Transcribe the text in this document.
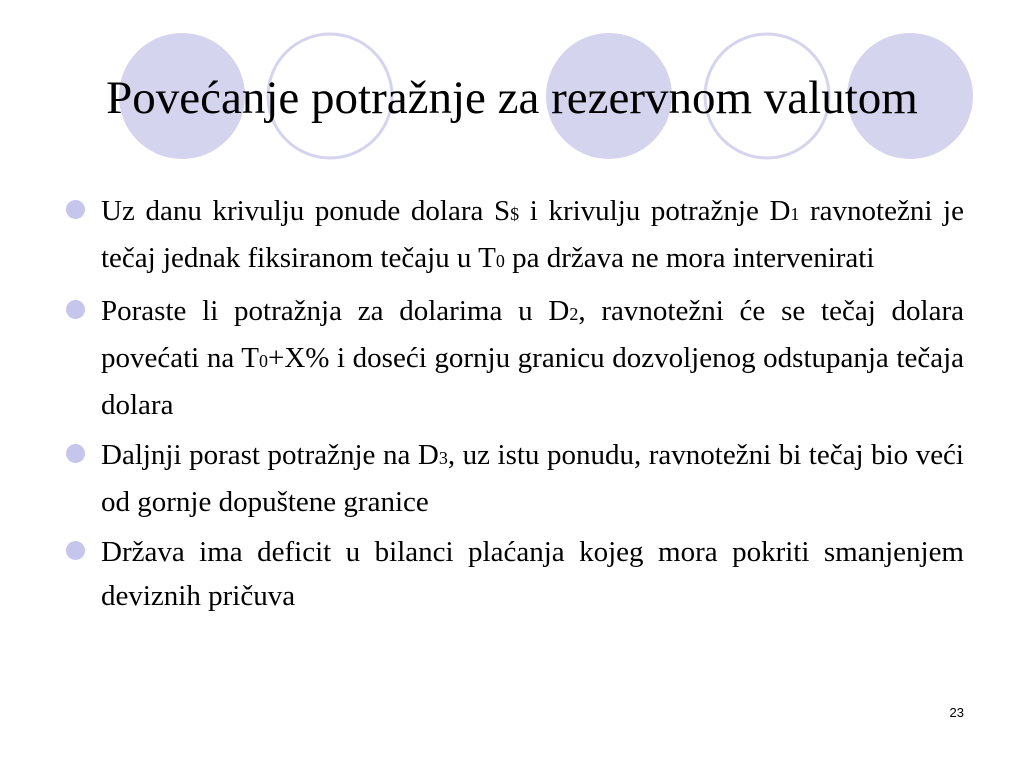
Povećanje potražnje za rezervnom valutom
Uz danu krivulju ponude dolara S$ i krivulju potražnje D1 ravnotežni je tečaj jednak fiksiranom tečaju u T0 pa država ne mora intervenirati
Poraste li potražnja za dolarima u D2, ravnotežni će se tečaj dolara povećati na T0+X% i doseći gornju granicu dozvoljenog odstupanja tečaja dolara
Daljnji porast potražnje na D3, uz istu ponudu, ravnotežni bi tečaj bio veći od gornje dopuštene granice
Država ima deficit u bilanci plaćanja kojeg mora pokriti smanjenjem deviznih pričuva
23
